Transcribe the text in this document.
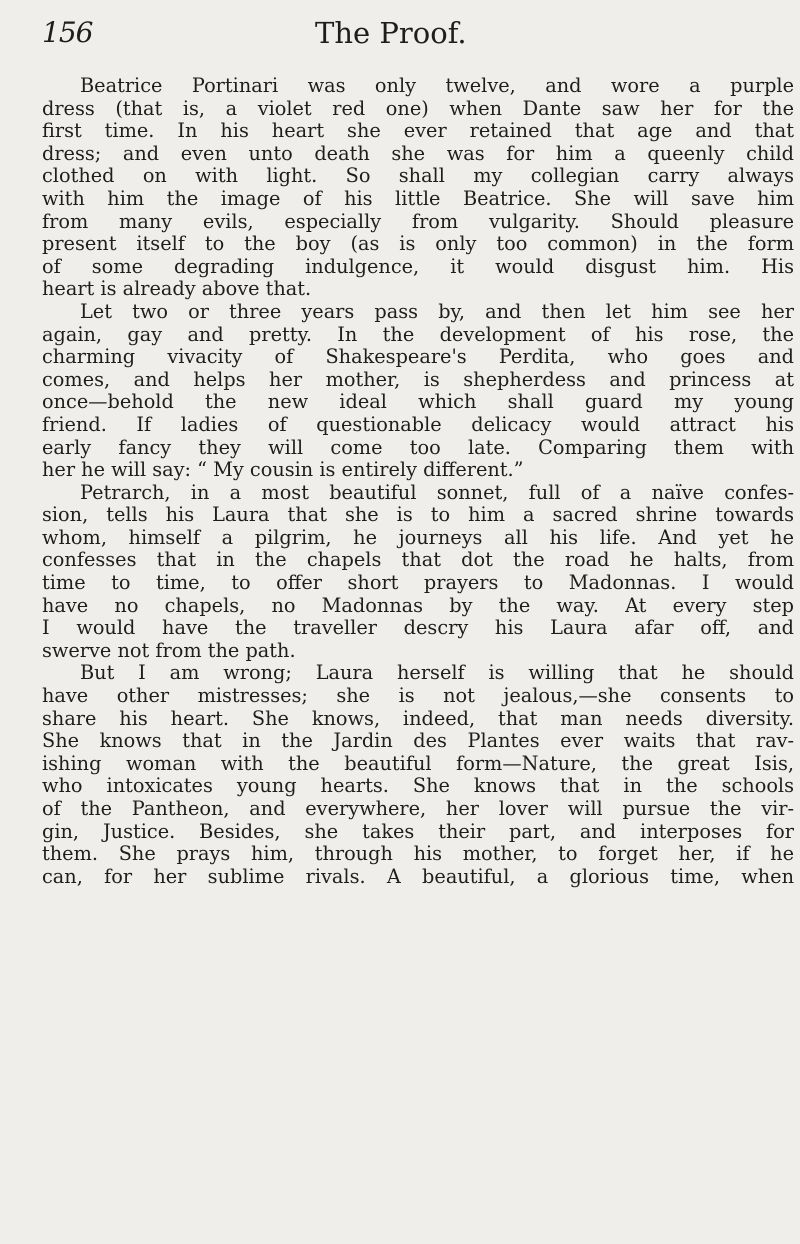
156	The Proof.
Beatrice Portinari was only twelve, and wore a purple
dress (that is, a violet red one) when Dante saw her for the
first time. In his heart she ever retained that age and that
dress; and even unto death she was for him a queenly child
clothed on with light. So shall my collegian carry always
with him the image of his little Beatrice. She will save him
from many evils, especially from vulgarity. Should pleasure
present itself to the boy (as is only too common) in the form
of some degrading indulgence, it would disgust him. His
heart is already above that.
Let two or three years pass by, and then let him see her
again, gay and pretty. In the development of his rose, the
charming vivacity of Shakespeare's Perdita, who goes and
comes, and helps her mother, is shepherdess and princess at
once—behold the new ideal which shall guard my young
friend. If ladies of questionable delicacy would attract his
early fancy they will come too late. Comparing them with
her he will say: “ My cousin is entirely different.”
Petrarch, in a most beautiful sonnet, full of a naïve confes-
sion, tells his Laura that she is to him a sacred shrine towards
whom, himself a pilgrim, he journeys all his life. And yet he
confesses that in the chapels that dot the road he halts, from
time to time, to offer short prayers to Madonnas. I would
have no chapels, no Madonnas by the way. At every step
I would have the traveller descry his Laura afar off, and
swerve not from the path.
But I am wrong; Laura herself is willing that he should
have other mistresses; she is not jealous,—she consents to
share his heart. She knows, indeed, that man needs diversity.
She knows that in the Jardin des Plantes ever waits that rav-
ishing woman with the beautiful form—Nature, the great Isis,
who intoxicates young hearts. She knows that in the schools
of the Pantheon, and everywhere, her lover will pursue the vir-
gin, Justice. Besides, she takes their part, and interposes for
them. She prays him, through his mother, to forget her, if he
can, for her sublime rivals. A beautiful, a glorious time, when
